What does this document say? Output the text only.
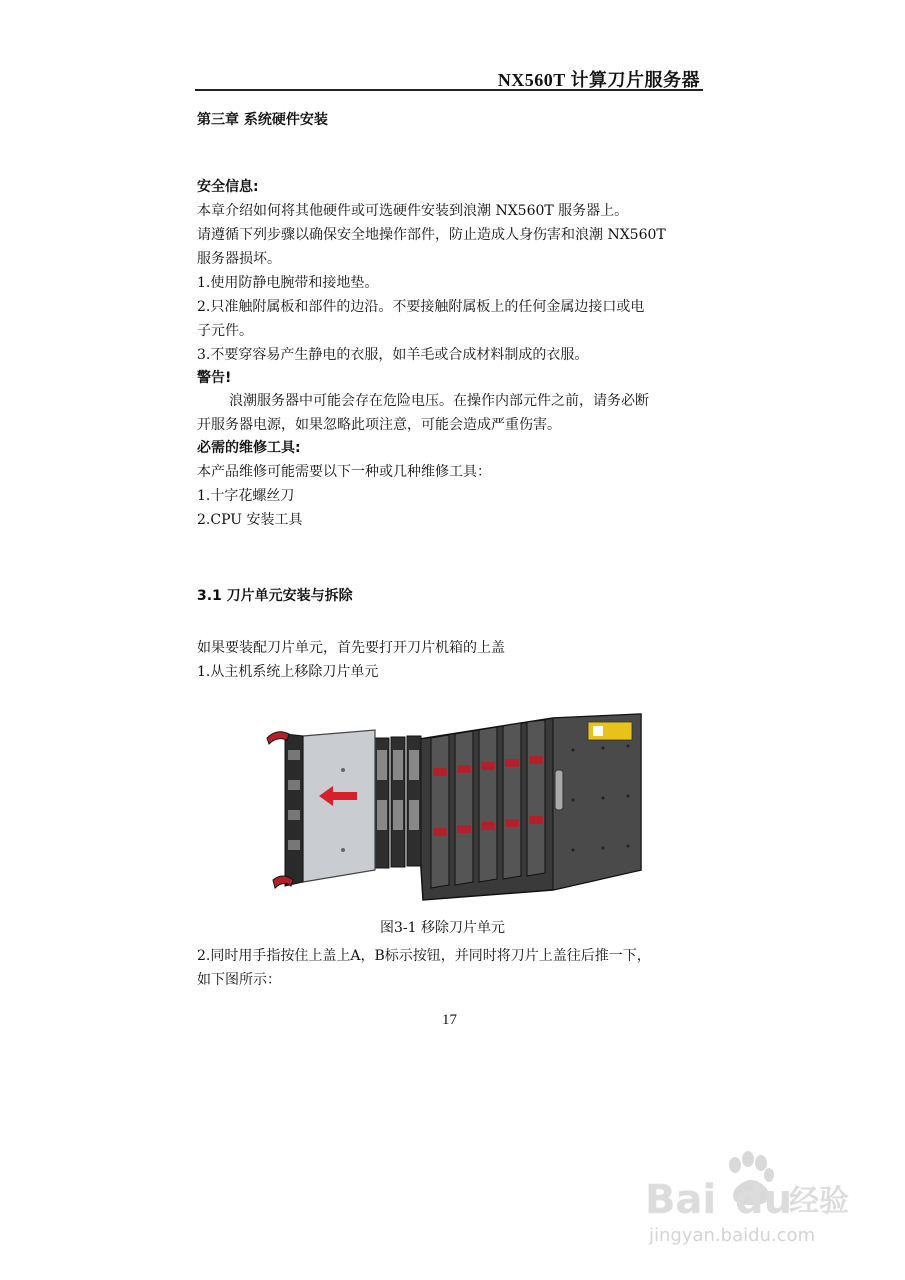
NX560T 计算刀片服务器
第三章 系统硬件安装
安全信息:
本章介绍如何将其他硬件或可选硬件安装到浪潮 NX560T 服务器上。
请遵循下列步骤以确保安全地操作部件，防止造成人身伤害和浪潮 NX560T
服务器损坏。
1.使用防静电腕带和接地垫。
2.只准触附属板和部件的边沿。不要接触附属板上的任何金属边接口或电
子元件。
3.不要穿容易产生静电的衣服，如羊毛或合成材料制成的衣服。
警告!
浪潮服务器中可能会存在危险电压。在操作内部元件之前，请务必断
开服务器电源，如果忽略此项注意，可能会造成严重伤害。
必需的维修工具:
本产品维修可能需要以下一种或几种维修工具：
1.十字花螺丝刀
2.CPU 安装工具
3.1 刀片单元安装与拆除
如果要装配刀片单元，首先要打开刀片机箱的上盖
1.从主机系统上移除刀片单元
图3-1 移除刀片单元
2.同时用手指按住上盖上A，B标示按钮，并同时将刀片上盖往后推一下，
如下图所示：
17
Bai du
经验
jingyan.baidu.com
